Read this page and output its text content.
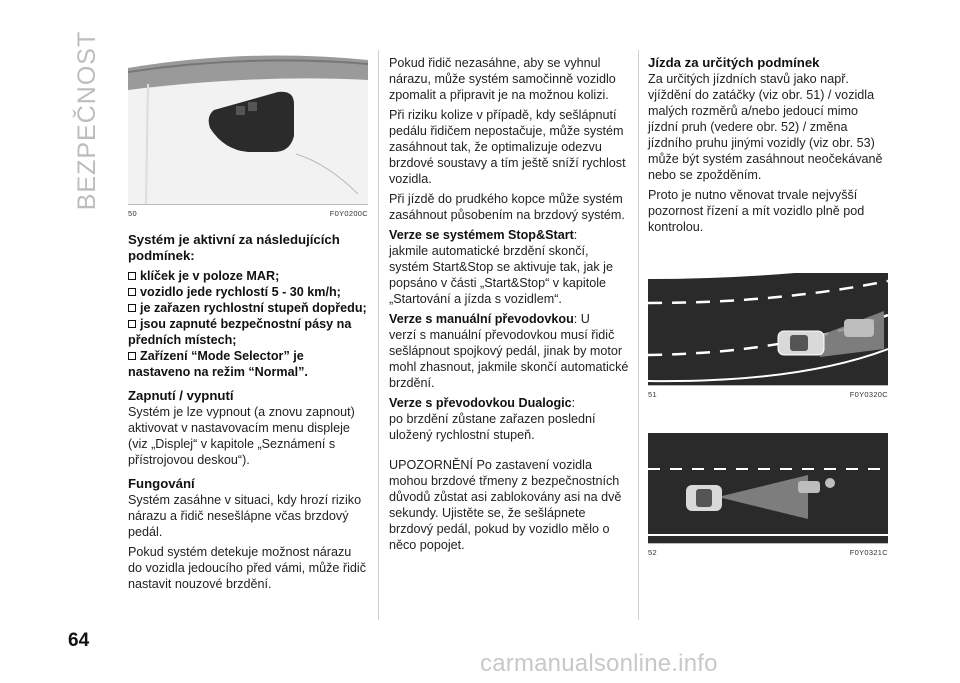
BEZPEČNOST
50	F0Y0200C
Systém je aktivní za následujících podmínek:

klíček je v poloze MAR;

vozidlo jede rychlostí 5 - 30 km/h;

je zařazen rychlostní stupeň dopředu;

jsou zapnuté bezpečnostní pásy na předních místech;

Zařízení “Mode Selector” je nastaveno na režim “Normal”.

Zapnutí / vypnutí

Systém je lze vypnout (a znovu zapnout) aktivovat v nastavovacím menu displeje (viz „Displej“ v kapitole „Seznámení s přístrojovou deskou“).

Fungování

Systém zasáhne v situaci, kdy hrozí riziko nárazu a řidič nesešlápne včas brzdový pedál.

Pokud systém detekuje možnost nárazu do vozidla jedoucího před vámi, může řidič nastavit nouzové brzdění.

Pokud řidič nezasáhne, aby se vyhnul nárazu, může systém samočinně vozidlo zpomalit a připravit je na možnou kolizi.

Při riziku kolize v případě, kdy sešlápnutí pedálu řidičem nepostačuje, může systém zasáhnout tak, že optimalizuje odezvu brzdové soustavy a tím ještě sníží rychlost vozidla.

Při jízdě do prudkého kopce může systém zasáhnout působením na brzdový systém.

Verze se systémem Stop&Start:
jakmile automatické brzdění skončí, systém Start&Stop se aktivuje tak, jak je popsáno v části „Start&Stop“ v kapitole „Startování a jízda s vozidlem“.

Verze s manuální převodovkou: U
verzí s manuální převodovkou musí řidič sešlápnout spojkový pedál, jinak by motor mohl zhasnout, jakmile skončí automatické brzdění.

Verze s převodovkou Dualogic:
po brzdění zůstane zařazen poslední uložený rychlostní stupeň.

UPOZORNĚNÍ Po zastavení vozidla mohou brzdové třmeny z bezpečnostních důvodů zůstat asi zablokovány asi na dvě sekundy. Ujistěte se, že sešlápnete brzdový pedál, pokud by vozidlo mělo o něco popojet.

Jízda za určitých podmínek

Za určitých jízdních stavů jako např. vjíždění do zatáčky (viz obr. 51) / vozidla malých rozměrů a/nebo jedoucí mimo jízdní pruh (vedere obr. 52) / změna jízdního pruhu jinými vozidly (viz obr. 53) může být systém zasáhnout neočekávaně nebo se zpožděním.

Proto je nutno věnovat trvale nejvyšší pozornost řízení a mít vozidlo plně pod kontrolou.

51	F0Y0320C
52	F0Y0321C
64
carmanualsonline.info
